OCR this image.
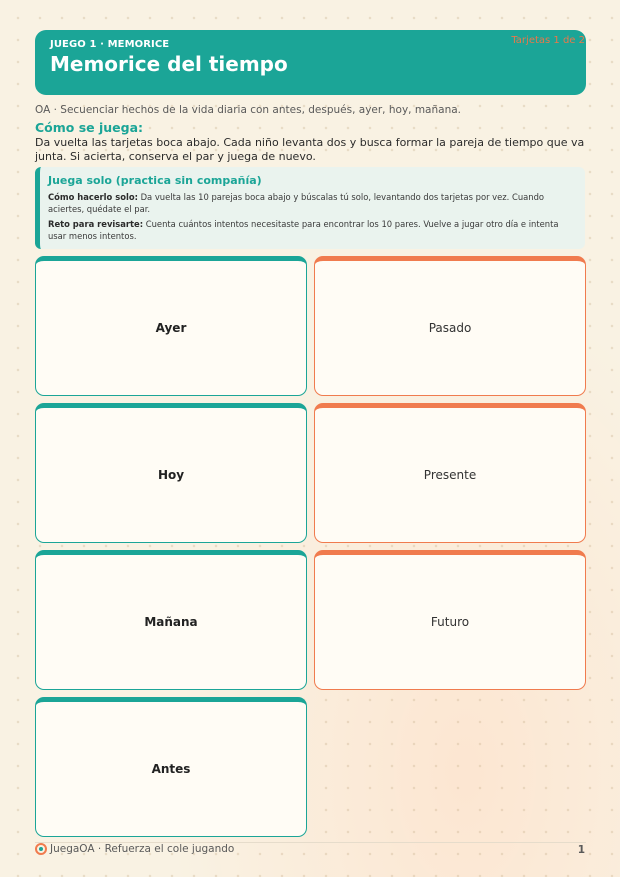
JUEGO 1 · MEMORICE
Memorice del tiempo
Tarjetas 1 de 2
OA · Secuenciar hechos de la vida diaria con antes, después, ayer, hoy, mañana.
Cómo se juega:
Da vuelta las tarjetas boca abajo. Cada niño levanta dos y busca formar la pareja de tiempo que va junta. Si acierta, conserva el par y juega de nuevo.
Juega solo (practica sin compañía)
Cómo hacerlo solo: Da vuelta las 10 parejas boca abajo y búscalas tú solo, levantando dos tarjetas por vez. Cuando aciertes, quédate el par.
Reto para revisarte: Cuenta cuántos intentos necesitaste para encontrar los 10 pares. Vuelve a jugar otro día e intenta usar menos intentos.
Ayer	Pasado
Hoy	Presente
Mañana	Futuro
Antes
JuegaOA · Refuerza el cole jugando	1
